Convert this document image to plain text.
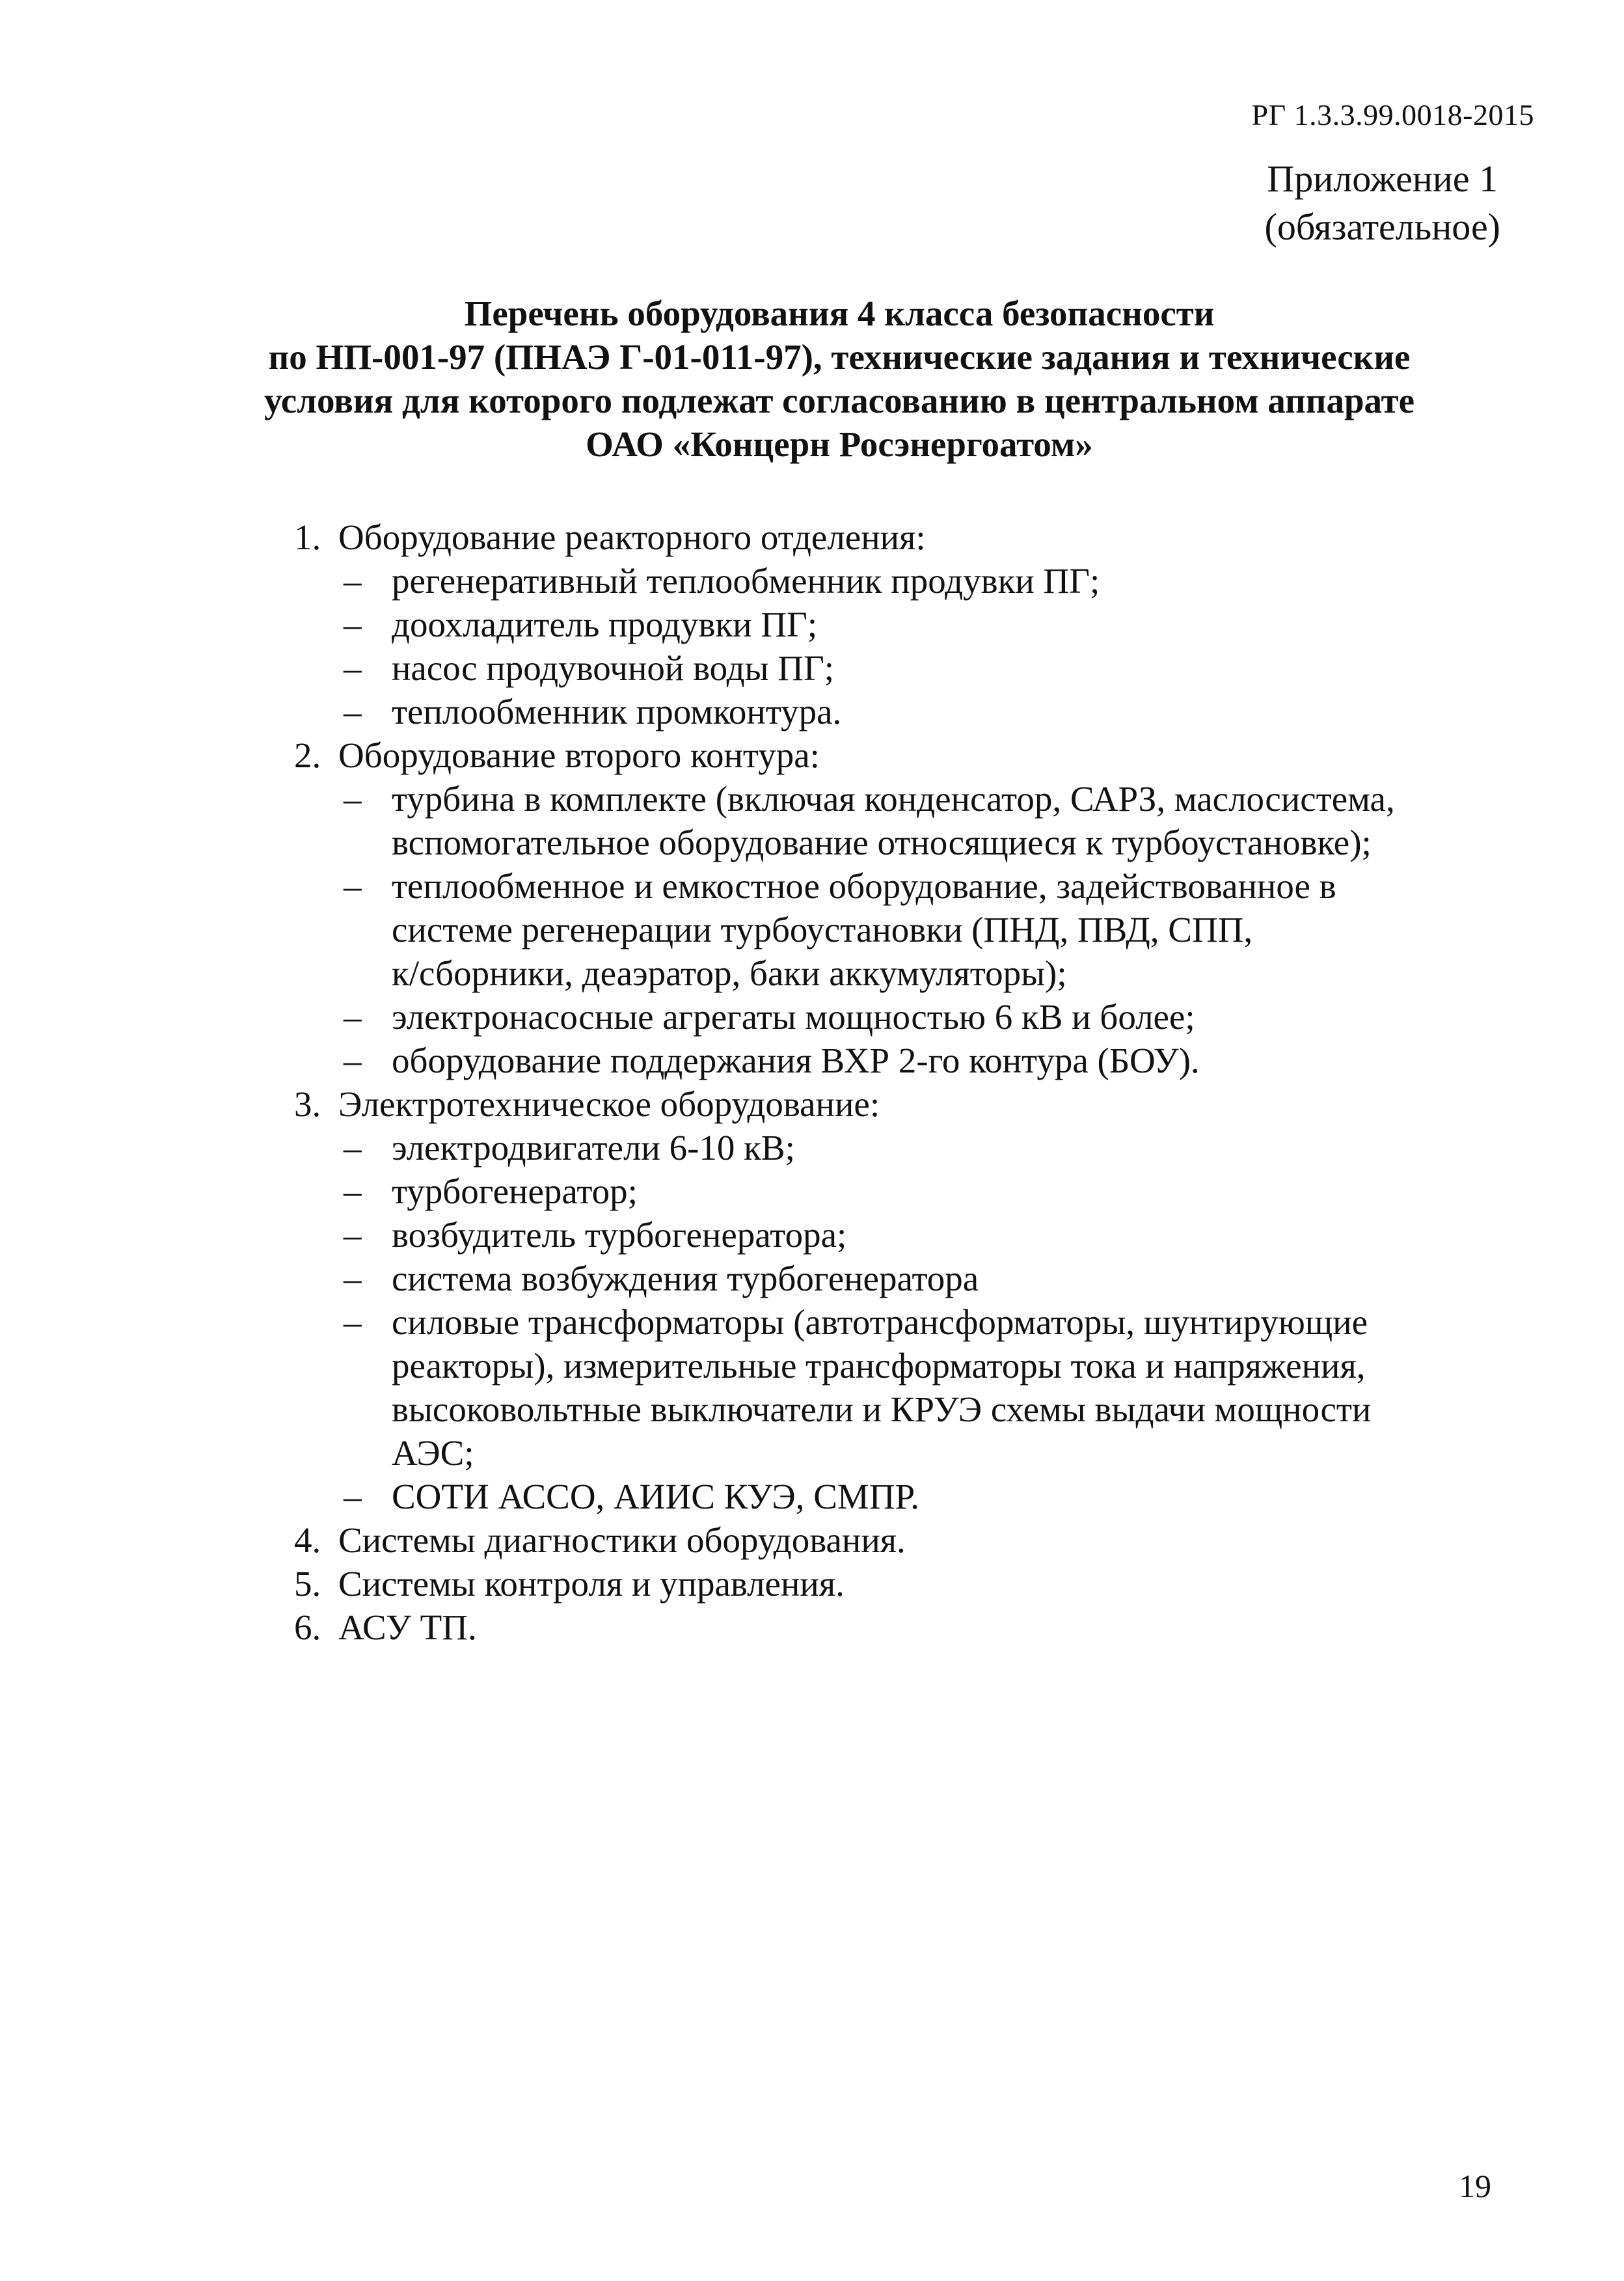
РГ 1.3.3.99.0018-2015
Приложение 1
(обязательное)
Перечень оборудования 4 класса безопасности
по НП-001-97 (ПНАЭ Г-01-011-97), технические задания и технические
условия для которого подлежат согласованию в центральном аппарате
ОАО «Концерн Росэнергоатом»
1. Оборудование реакторного отделения:
– регенеративный теплообменник продувки ПГ;
– доохладитель продувки ПГ;
– насос продувочной воды ПГ;
– теплообменник промконтура.
2. Оборудование второго контура:
– турбина в комплекте (включая конденсатор, САРЗ, маслосистема,
вспомогательное оборудование относящиеся к турбоустановке);
– теплообменное и емкостное оборудование, задействованное в
системе регенерации турбоустановки (ПНД, ПВД, СПП,
к/сборники, деаэратор, баки аккумуляторы);
– электронасосные агрегаты мощностью 6 кВ и более;
– оборудование поддержания ВХР 2-го контура (БОУ).
3. Электротехническое оборудование:
– электродвигатели 6-10 кВ;
– турбогенератор;
– возбудитель турбогенератора;
– система возбуждения турбогенератора
– силовые трансформаторы (автотрансформаторы, шунтирующие
реакторы), измерительные трансформаторы тока и напряжения,
высоковольтные выключатели и КРУЭ схемы выдачи мощности
АЭС;
– СОТИ АССО, АИИС КУЭ, СМПР.
4. Системы диагностики оборудования.
5. Системы контроля и управления.
6. АСУ ТП.
19
